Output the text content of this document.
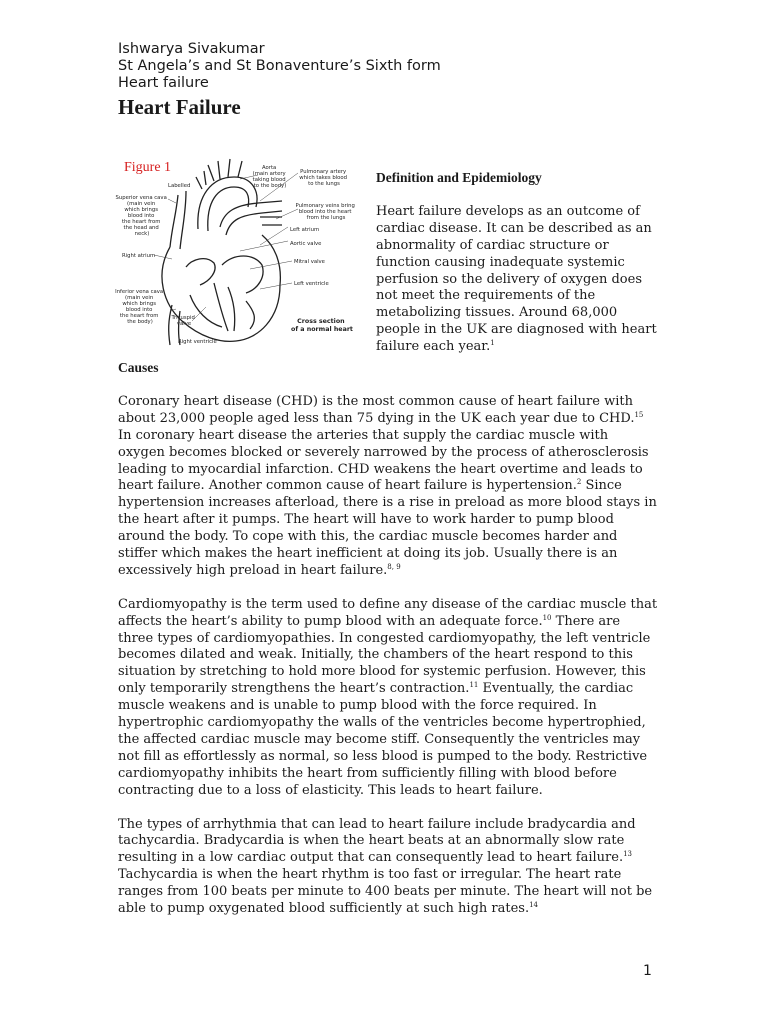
Ishwarya Sivakumar
St Angela’s and St Bonaventure’s Sixth form
Heart failure
Heart Failure
Figure 1
Labelled
Aorta (main artery taking blood to the body)
Pulmonary artery which takes blood to the lungs
Superior vena cava (main vein which brings blood into the heart from the head and neck)
Pulmonary veins bring blood into the heart from the lungs
Left atrium
Aortic valve
Right atrium
Mitral valve
Left ventricle
Inferior vena cava (main vein which brings blood into the heart from the body)
Tricuspid valve
Right ventricle
Cross section of a normal heart
Definition and Epidemiology

Heart failure develops as an outcome of cardiac disease. It can be described as an abnormality of cardiac structure or function causing inadequate systemic perfusion so the delivery of oxygen does not meet the requirements of the metabolizing tissues. Around 68,000 people in the UK are diagnosed with heart failure each year.$^1$

Causes

Coronary heart disease (CHD) is the most common cause of heart failure with about 23,000 people aged less than 75 dying in the UK each year due to CHD.$^{15}$ In coronary heart disease the arteries that supply the cardiac muscle with oxygen becomes blocked or severely narrowed by the process of atherosclerosis leading to myocardial infarction. CHD weakens the heart overtime and leads to heart failure. Another common cause of heart failure is hypertension.$^2$ Since hypertension increases afterload, there is a rise in preload as more blood stays in the heart after it pumps. The heart will have to work harder to pump blood around the body. To cope with this, the cardiac muscle becomes harder and stiffer which makes the heart inefficient at doing its job. Usually there is an excessively high preload in heart failure.$^{8, 9}$

Cardiomyopathy is the term used to define any disease of the cardiac muscle that affects the heart’s ability to pump blood with an adequate force.$^{10}$ There are three types of cardiomyopathies. In congested cardiomyopathy, the left ventricle becomes dilated and weak. Initially, the chambers of the heart respond to this situation by stretching to hold more blood for systemic perfusion. However, this only temporarily strengthens the heart’s contraction.$^{11}$ Eventually, the cardiac muscle weakens and is unable to pump blood with the force required. In hypertrophic cardiomyopathy the walls of the ventricles become hypertrophied, the affected cardiac muscle may become stiff. Consequently the ventricles may not fill as effortlessly as normal, so less blood is pumped to the body. Restrictive cardiomyopathy inhibits the heart from sufficiently filling with blood before contracting due to a loss of elasticity. This leads to heart failure.

The types of arrhythmia that can lead to heart failure include bradycardia and tachycardia. Bradycardia is when the heart beats at an abnormally slow rate resulting in a low cardiac output that can consequently lead to heart failure.$^{13}$ Tachycardia is when the heart rhythm is too fast or irregular. The heart rate ranges from 100 beats per minute to 400 beats per minute. The heart will not be able to pump oxygenated blood sufficiently at such high rates.$^{14}$

1
